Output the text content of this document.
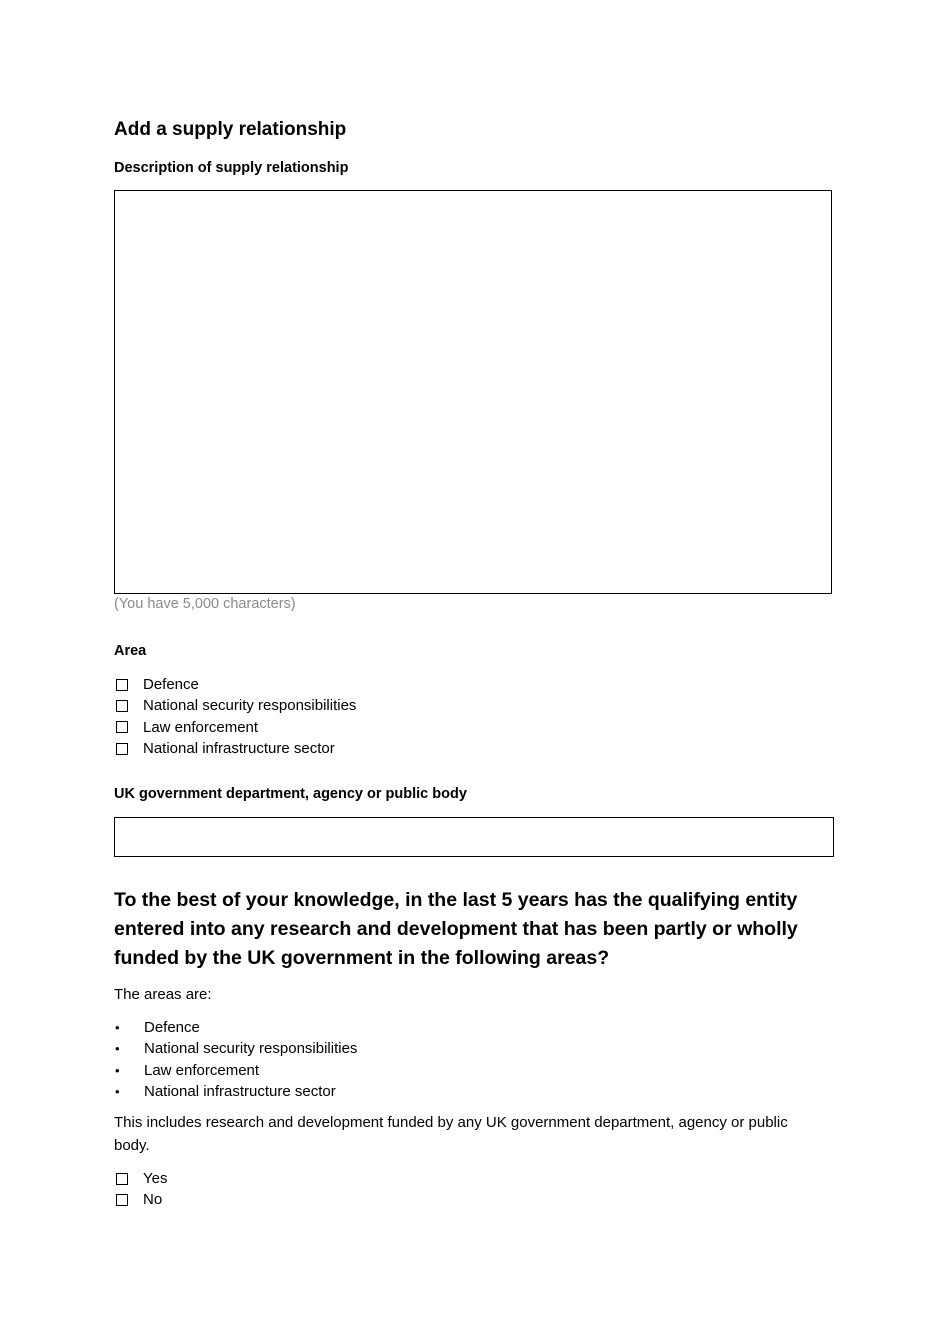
Add a supply relationship
Description of supply relationship
(You have 5,000 characters)
Area
Defence
National security responsibilities
Law enforcement
National infrastructure sector
UK government department, agency or public body
To the best of your knowledge, in the last 5 years has the qualifying entity entered into any research and development that has been partly or wholly funded by the UK government in the following areas?

The areas are:

•	Defence
•	National security responsibilities
•	Law enforcement
•	National infrastructure sector

This includes research and development funded by any UK government department, agency or public body.

Yes
No
